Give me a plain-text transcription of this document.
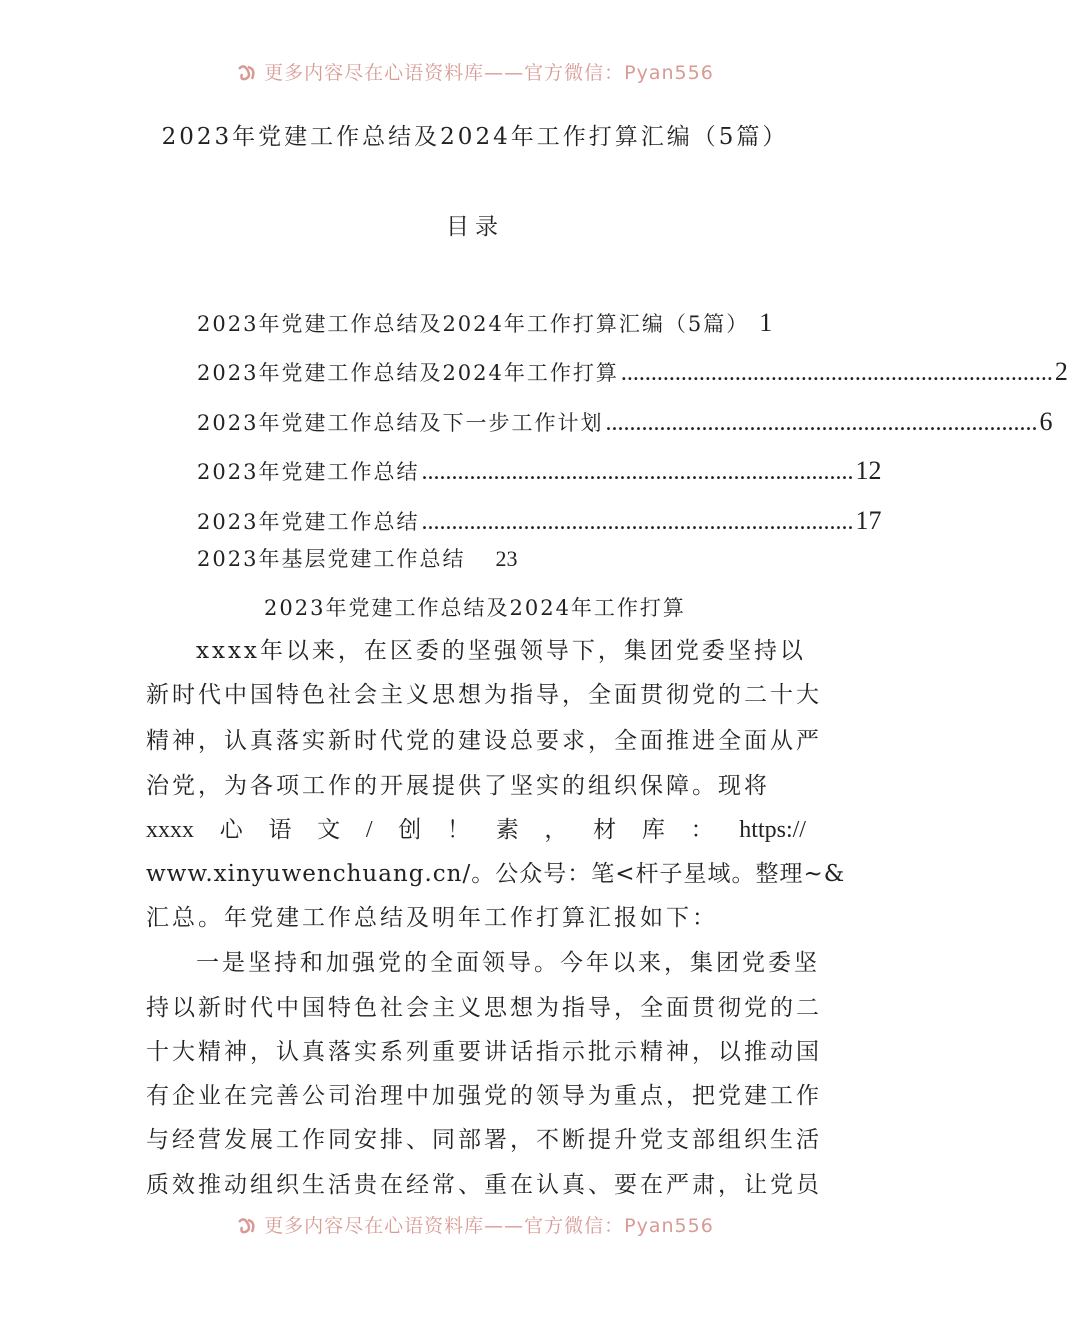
更多内容尽在心语资料库——官方微信：Pyan556
2023年党建工作总结及2024年工作打算汇编（5篇）
目录
2023年党建工作总结及2024年工作打算汇编（5篇） 1
2023年党建工作总结及2024年工作打算 ........................................................................ 2
2023年党建工作总结及下一步工作计划 ........................................................................ 6
2023年党建工作总结 ........................................................................ 12
2023年党建工作总结 ........................................................................ 17
2023年基层党建工作总结 23
2023年党建工作总结及2024年工作打算
xxxx年以来，在区委的坚强领导下，集团党委坚持以
新时代中国特色社会主义思想为指导，全面贯彻党的二十大
精神，认真落实新时代党的建设总要求，全面推进全面从严
治党，为各项工作的开展提供了坚实的组织保障。现将
xxxx 心 语 文 / 创 ！ 素 ， 材 库 ： https://
www.xinyuwenchuang.cn/。公众号：笔<杆子星域。整理~&
汇总。年党建工作总结及明年工作打算汇报如下：
一是坚持和加强党的全面领导。今年以来，集团党委坚
持以新时代中国特色社会主义思想为指导，全面贯彻党的二
十大精神，认真落实系列重要讲话指示批示精神，以推动国
有企业在完善公司治理中加强党的领导为重点，把党建工作
与经营发展工作同安排、同部署，不断提升党支部组织生活
质效推动组织生活贵在经常、重在认真、要在严肃，让党员
更多内容尽在心语资料库——官方微信：Pyan556
